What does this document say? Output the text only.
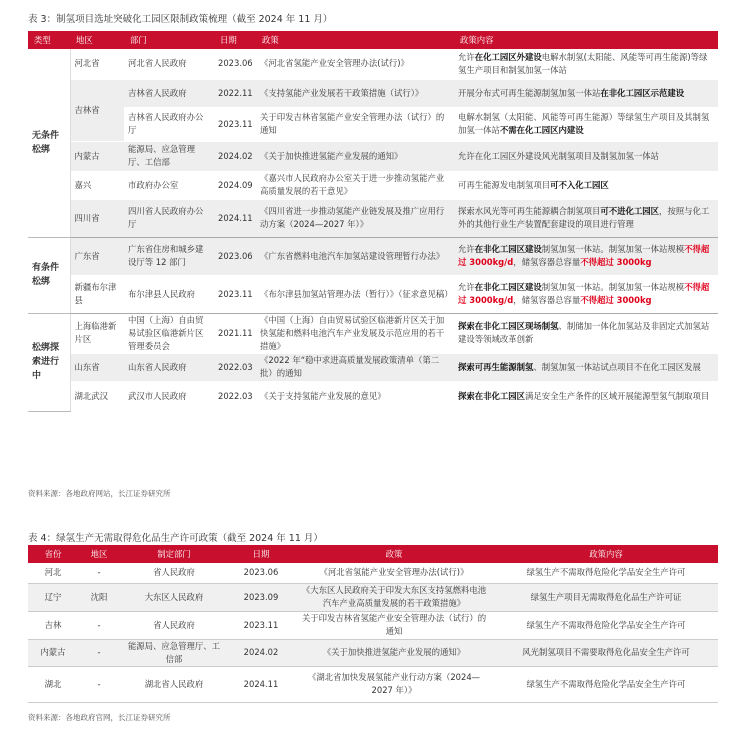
表 3：制氢项目选址突破化工园区限制政策梳理（截至 2024 年 11 月）
类型	地区	部门	日期	政策	政策内容
无条件松绑	河北省	河北省人民政府	2023.06	《河北省氢能产业安全管理办法(试行)》	允许在化工园区外建设电解水制氢(太阳能、风能等可再生能源)等绿氢生产项目和制氢加氢一体站
	吉林省	吉林省人民政府	2022.11	《支持氢能产业发展若干政策措施（试行）》	开展分布式可再生能源制氢加氢一体站在非化工园区示范建设
		吉林省人民政府办公厅	2023.11	关于印发吉林省氢能产业安全管理办法（试行）的通知	电解水制氢（太阳能、风能等可再生能源）等绿氢生产项目及其制氢加氢一体站不需在化工园区内建设
	内蒙古	能源局、应急管理厅、工信部	2024.02	《关于加快推进氢能产业发展的通知》	允许在化工园区外建设风光制氢项目及制氢加氢一体站
	嘉兴	市政府办公室	2024.09	《嘉兴市人民政府办公室关于进一步推动氢能产业高质量发展的若干意见》	可再生能源发电制氢项目可不入化工园区
	四川省	四川省人民政府办公厅	2024.11	《四川省进一步推动氢能产业链发展及推广应用行动方案（2024—2027 年）》	探索水风光等可再生能源耦合制氢项目可不进化工园区，按照与化工外的其他行业生产装置配套建设的项目进行管理
有条件松绑	广东省	广东省住房和城乡建设厅等 12 部门	2023.06	《广东省燃料电池汽车加氢站建设管理暂行办法》	允许在非化工园区建设制氢加氢一体站。制氢加氢一体站规模不得超过 3000kg/d，储氢容器总容量不得超过 3000kg
	新疆布尔津县	布尔津县人民政府	2023.11	《布尔津县加氢站管理办法（暂行）》（征求意见稿）	允许在非化工园区建设制氢加氢一体站。制氢加氢一体站规模不得超过 3000kg/d，储氢容器总容量不得超过 3000kg
松绑探索进行中	上海临港新片区	中国（上海）自由贸易试验区临港新片区管理委员会	2021.11	《中国（上海）自由贸易试验区临港新片区关于加快氢能和燃料电池汽车产业发展及示范应用的若干措施》	探索在非化工园区现场制氢、制储加一体化加氢站及非固定式加氢站建设等领域改革创新
	山东省	山东省人民政府	2022.03	《2022 年“稳中求进高质量发展政策清单（第二批）的通知	探索可再生能源制氢、制氢加氢一体站试点项目不在化工园区发展
	湖北武汉	武汉市人民政府	2022.03	《关于支持氢能产业发展的意见》	探索在非化工园区满足安全生产条件的区域开展能源型氢气制取项目
资料来源：各地政府网站，长江证券研究所
表 4：绿氢生产无需取得危化品生产许可政策（截至 2024 年 11 月）
省份	地区	制定部门	日期	政策	政策内容
河北	-	省人民政府	2023.06	《河北省氢能产业安全管理办法(试行)》	绿氢生产不需取得危险化学品安全生产许可
辽宁	沈阳	大东区人民政府	2023.09	《大东区人民政府关于印发大东区支持氢燃料电池汽车产业高质量发展的若干政策措施》	绿氢生产项目无需取得危化品生产许可证
吉林	-	省人民政府	2023.11	关于印发吉林省氢能产业安全管理办法（试行）的通知	绿氢生产不需取得危险化学品安全生产许可
内蒙古	-	能源局、应急管理厅、工信部	2024.02	《关于加快推进氢能产业发展的通知》	风光制氢项目不需要取得危化品安全生产许可
湖北	-	湖北省人民政府	2024.11	《湖北省加快发展氢能产业行动方案（2024—2027 年）》	绿氢生产不需取得危险化学品安全生产许可
资料来源：各地政府官网，长江证券研究所
